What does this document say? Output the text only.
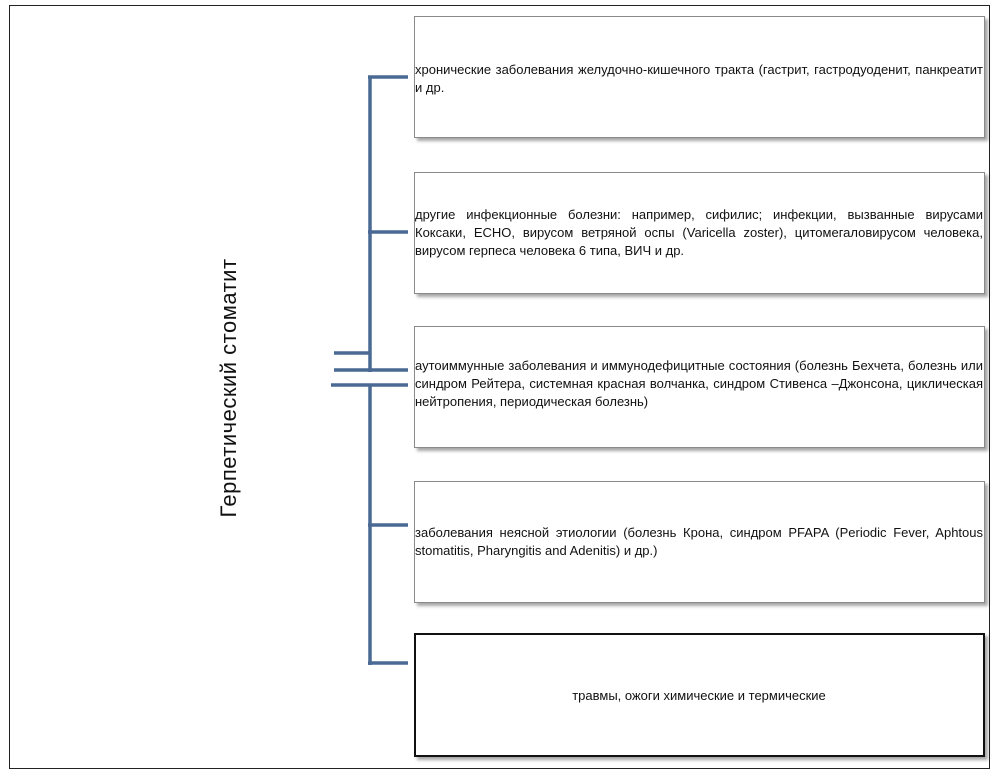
Герпетический стоматит
хронические заболевания желудочно-кишечного тракта (гастрит, гастродуоденит, панкреатит и др.
другие инфекционные болезни: например, сифилис; инфекции, вызванные вирусами Коксаки, ЕСНО, вирусом ветряной оспы (Varicella zoster), цитомегаловирусом человека, вирусом герпеса человека 6 типа, ВИЧ и др.
аутоиммунные заболевания и иммунодефицитные состояния (болезнь Бехчета, болезнь или синдром Рейтера, системная красная волчанка, синдром Стивенса –Джонсона, циклическая нейтропения, периодическая болезнь)
заболевания неясной этиологии (болезнь Крона, синдром PFAPA (Periodic Fever, Aphtous stomatitis, Pharyngitis and Adenitis) и др.)
травмы, ожоги химические и термические
